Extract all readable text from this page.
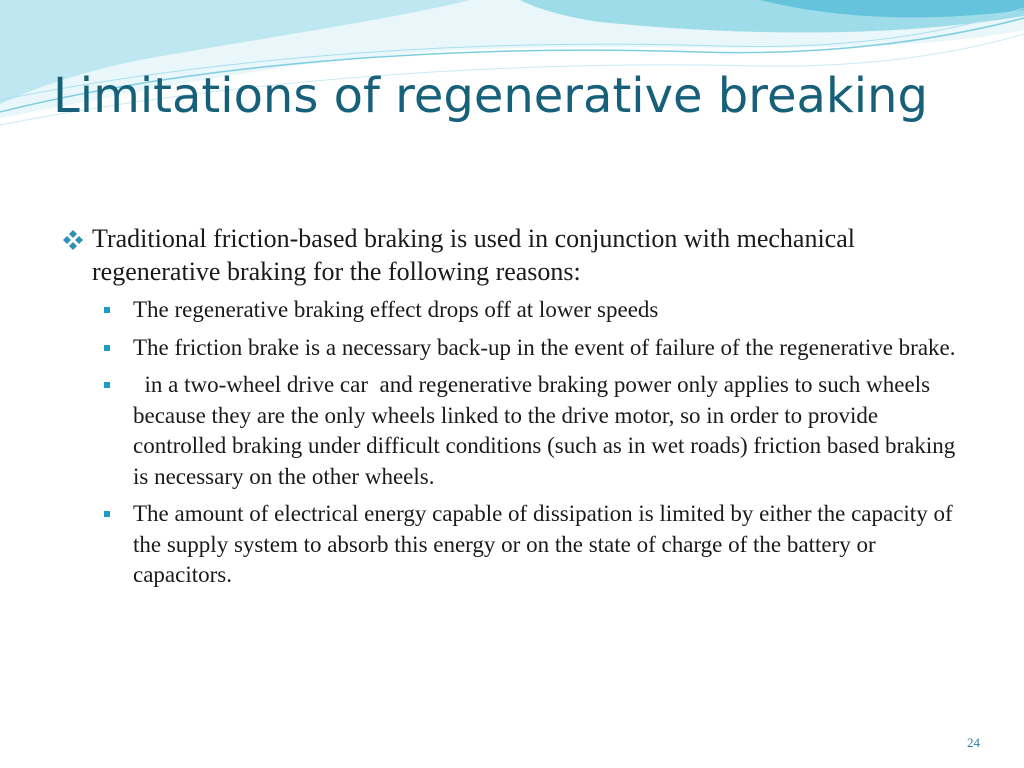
Limitations of regenerative breaking
Traditional friction-based braking is used in conjunction with mechanical regenerative braking for the following reasons:
The regenerative braking effect drops off at lower speeds
The friction brake is a necessary back-up in the event of failure of the regenerative brake.
in a two-wheel drive car  and regenerative braking power only applies to such wheels because they are the only wheels linked to the drive motor, so in order to provide controlled braking under difficult conditions (such as in wet roads) friction based braking is necessary on the other wheels.
The amount of electrical energy capable of dissipation is limited by either the capacity of the supply system to absorb this energy or on the state of charge of the battery or capacitors.
24
